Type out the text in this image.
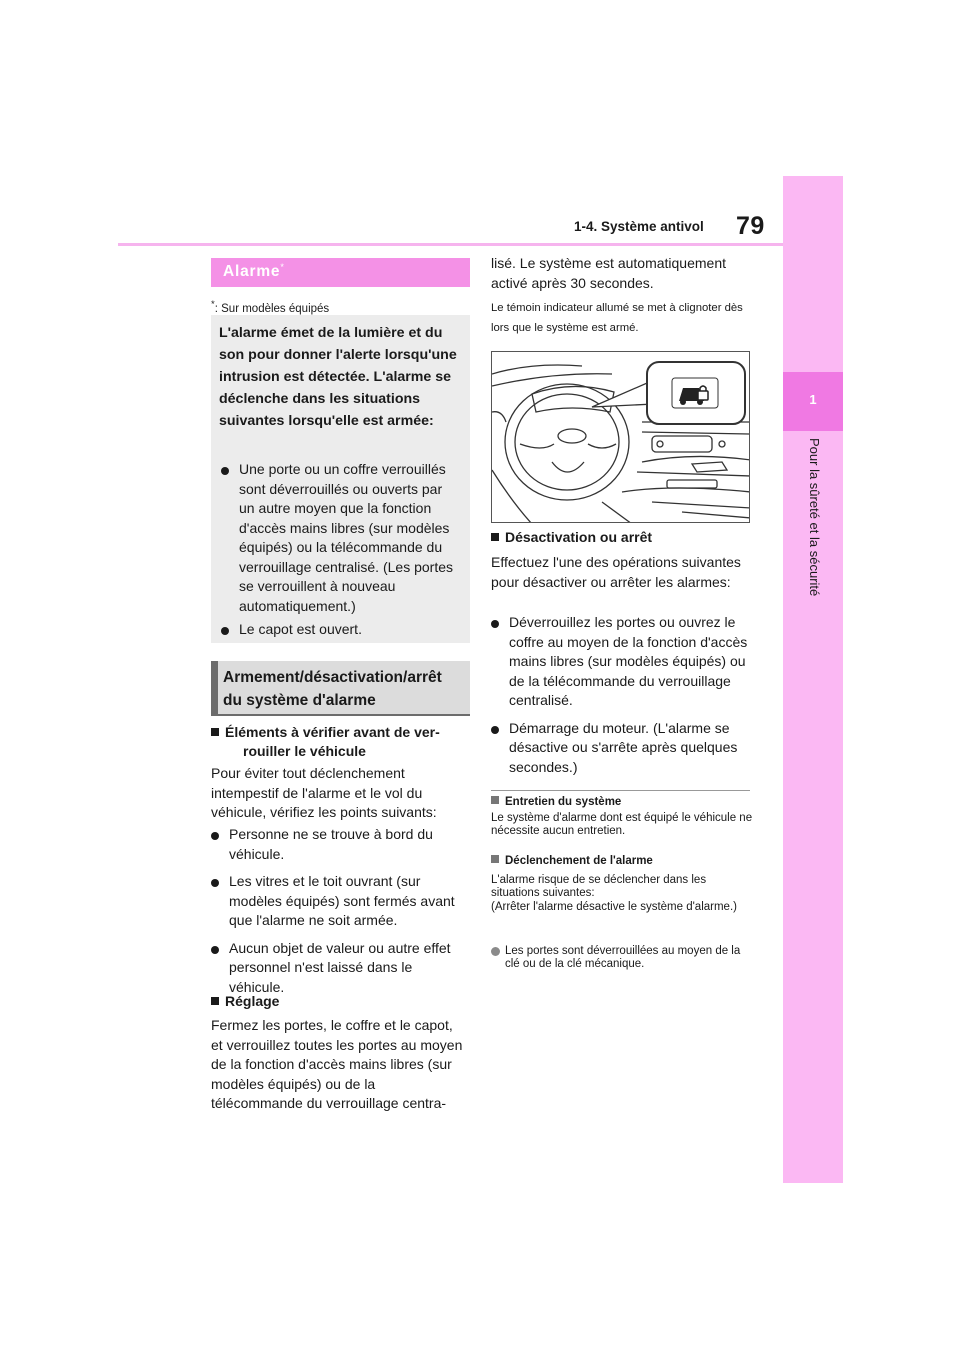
1-4. Système antivol 79
1
Pour la sûreté et la sécurité
Alarme*
*: Sur modèles équipés
L'alarme émet de la lumière et du son pour donner l'alerte lorsqu'une intrusion est détectée. L'alarme se déclenche dans les situations suivantes lorsqu'elle est armée:
Une porte ou un coffre verrouillés sont déverrouillés ou ouverts par un autre moyen que la fonction d'accès mains libres (sur modèles équipés) ou la télécommande du verrouillage centralisé. (Les portes se verrouillent à nouveau automatiquement.)
Le capot est ouvert.
Armement/désactivation/arrêt
du système d'alarme
Éléments à vérifier avant de ver-
rouiller le véhicule
Pour éviter tout déclenchement intempestif de l'alarme et le vol du véhicule, vérifiez les points suivants:
Personne ne se trouve à bord du véhicule.
Les vitres et le toit ouvrant (sur modèles équipés) sont fermés avant que l'alarme ne soit armée.
Aucun objet de valeur ou autre effet personnel n'est laissé dans le véhicule.
Réglage
Fermez les portes, le coffre et le capot, et verrouillez toutes les portes au moyen de la fonction d'accès mains libres (sur modèles équipés) ou de la télécommande du verrouillage centra-
lisé. Le système est automatiquement activé après 30 secondes.
Le témoin indicateur allumé se met à clignoter dès lors que le système est armé.
Désactivation ou arrêt
Effectuez l'une des opérations suivantes pour désactiver ou arrêter les alarmes:
Déverrouillez les portes ou ouvrez le coffre au moyen de la fonction d'accès mains libres (sur modèles équipés) ou de la télécommande du verrouillage centralisé.
Démarrage du moteur. (L'alarme se désactive ou s'arrête après quelques secondes.)
Entretien du système
Le système d'alarme dont est équipé le véhicule ne nécessite aucun entretien.
Déclenchement de l'alarme
L'alarme risque de se déclencher dans les situations suivantes:
(Arrêter l'alarme désactive le système d'alarme.)
Les portes sont déverrouillées au moyen de la clé ou de la clé mécanique.
